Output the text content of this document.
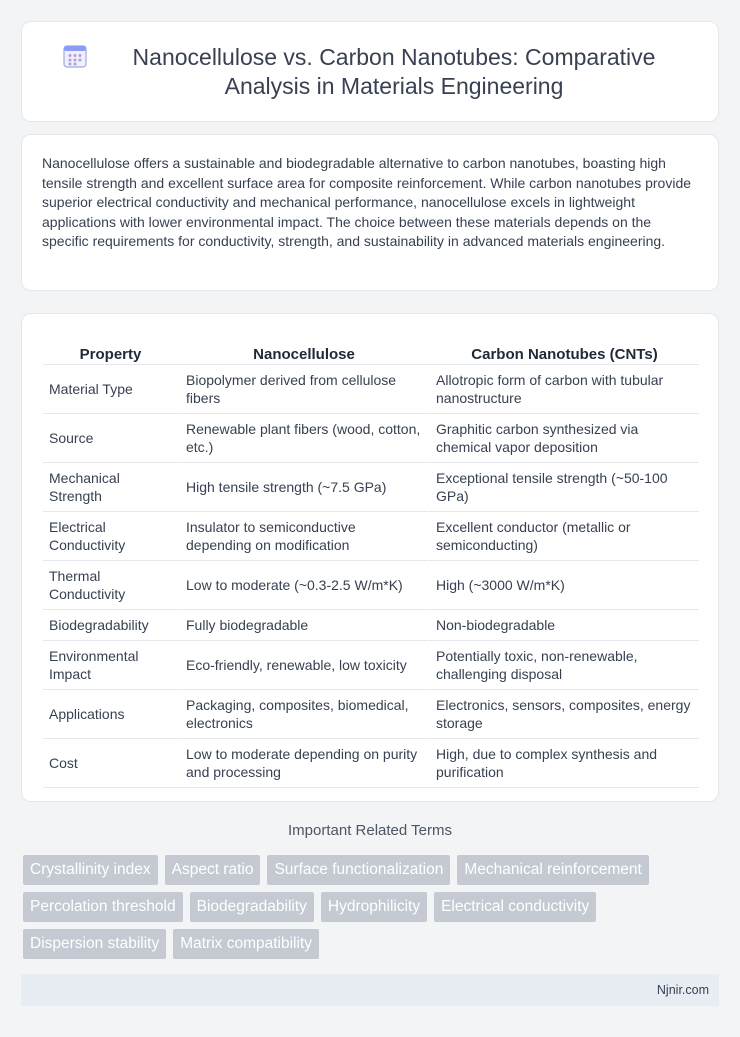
Nanocellulose vs. Carbon Nanotubes: Comparative Analysis in Materials Engineering

Nanocellulose offers a sustainable and biodegradable alternative to carbon nanotubes, boasting high tensile strength and excellent surface area for composite reinforcement. While carbon nanotubes provide superior electrical conductivity and mechanical performance, nanocellulose excels in lightweight applications with lower environmental impact. The choice between these materials depends on the specific requirements for conductivity, strength, and sustainability in advanced materials engineering.

Property	Nanocellulose	Carbon Nanotubes (CNTs)
Material Type	Biopolymer derived from cellulose fibers	Allotropic form of carbon with tubular nanostructure
Source	Renewable plant fibers (wood, cotton, etc.)	Graphitic carbon synthesized via chemical vapor deposition
Mechanical Strength	High tensile strength (~7.5 GPa)	Exceptional tensile strength (~50-100 GPa)
Electrical Conductivity	Insulator to semiconductive depending on modification	Excellent conductor (metallic or semiconducting)
Thermal Conductivity	Low to moderate (~0.3-2.5 W/m*K)	High (~3000 W/m*K)
Biodegradability	Fully biodegradable	Non-biodegradable
Environmental Impact	Eco-friendly, renewable, low toxicity	Potentially toxic, non-renewable, challenging disposal
Applications	Packaging, composites, biomedical, electronics	Electronics, sensors, composites, energy storage
Cost	Low to moderate depending on purity and processing	High, due to complex synthesis and purification
Important Related Terms
Crystallinity index	Aspect ratio	Surface functionalization	Mechanical reinforcement
Percolation threshold	Biodegradability	Hydrophilicity	Electrical conductivity
Dispersion stability	Matrix compatibility
Njnir.com
